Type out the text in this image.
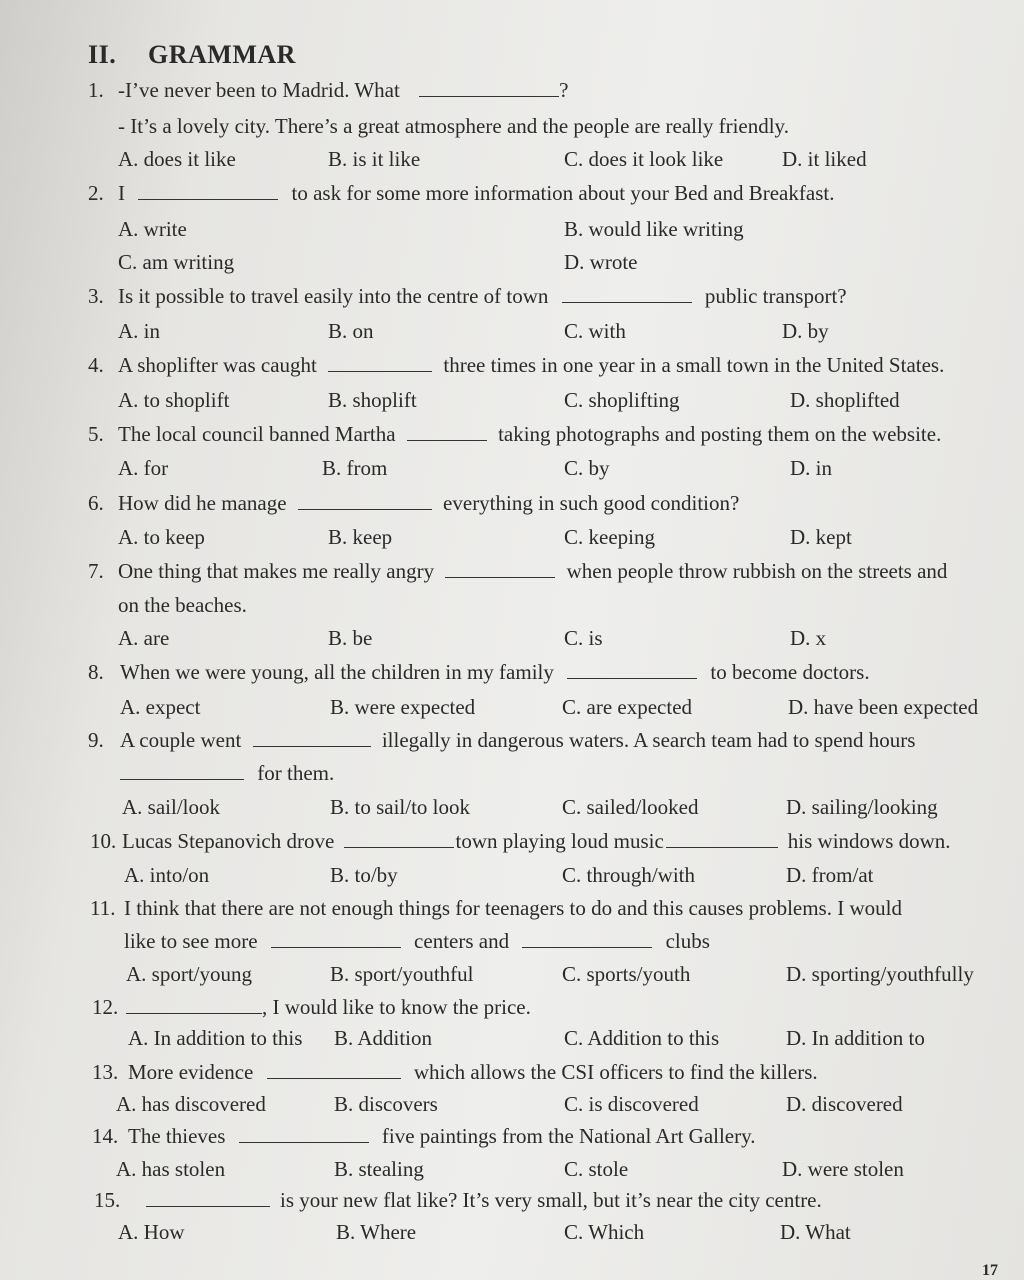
II. GRAMMAR
1. -I’ve never been to Madrid. What	?
- It’s a lovely city. There’s a great atmosphere and the people are really friendly.
A. does it like	B. is it like	C. does it look like	D. it liked
2. I	to ask for some more information about your Bed and Breakfast.
A. write	B. would like writing
C. am writing	D. wrote
3. Is it possible to travel easily into the centre of town	public transport?
A. in	B. on	C. with	D. by
4. A shoplifter was caught	three times in one year in a small town in the United States.
A. to shoplift	B. shoplift	C. shoplifting	D. shoplifted
5. The local council banned Martha	taking photographs and posting them on the website.
A. for	B. from	C. by	D. in
6. How did he manage	everything in such good condition?
A. to keep	B. keep	C. keeping	D. kept
7. One thing that makes me really angry	when people throw rubbish on the streets and
on the beaches.
A. are	B. be	C. is	D. x
8. When we were young, all the children in my family	to become doctors.
A. expect	B. were expected	C. are expected	D. have been expected
9. A couple went	illegally in dangerous waters. A search team had to spend hours
for them.
A. sail/look	B. to sail/to look	C. sailed/looked	D. sailing/looking
10. Lucas Stepanovich drove	town playing loud music	his windows down.
A. into/on	B. to/by	C. through/with	D. from/at
11. I think that there are not enough things for teenagers to do and this causes problems. I would
like to see more	centers and	clubs
A. sport/young	B. sport/youthful	C. sports/youth	D. sporting/youthfully
12.	, I would like to know the price.
A. In addition to this B. Addition	C. Addition to this	D. In addition to
13. More evidence	which allows the CSI officers to find the killers.
A. has discovered	B. discovers	C. is discovered	D. discovered
14. The thieves	five paintings from the National Art Gallery.
A. has stolen	B. stealing	C. stole	D. were stolen
15.	is your new flat like? It’s very small, but it’s near the city centre.
A. How	B. Where	C. Which	D. What
17
